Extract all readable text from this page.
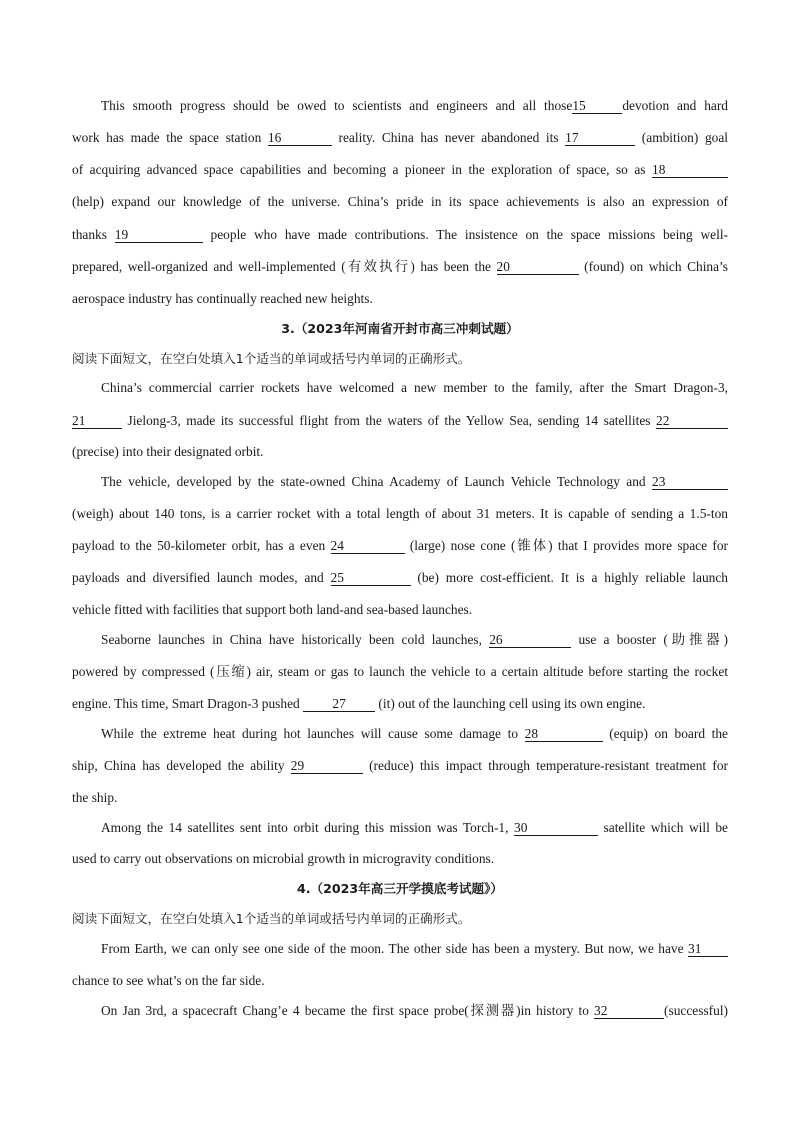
This smooth progress should be owed to scientists and engineers and all those15	devotion and hard
work has made the space station 16	reality. China has never abandoned its 17	(ambition) goal
of acquiring advanced space capabilities and becoming a pioneer in the exploration of space, so as 18
(help) expand our knowledge of the universe. China’s pride in its space achievements is also an expression of
thanks 19	people who have made contributions. The insistence on the space missions being well-
prepared, well-organized and well-implemented (有效执行) has been the 20	(found) on which China’s
aerospace industry has continually reached new heights.
3.（2023年河南省开封市高三冲刺试题）
阅读下面短文，在空白处填入1个适当的单词或括号内单词的正确形式。
China’s commercial carrier rockets have welcomed a new member to the family, after the Smart Dragon-3,
21	Jielong-3, made its successful flight from the waters of the Yellow Sea, sending 14 satellites 22
(precise) into their designated orbit.
The vehicle, developed by the state-owned China Academy of Launch Vehicle Technology and 23
(weigh) about 140 tons, is a carrier rocket with a total length of about 31 meters. It is capable of sending a 1.5-ton
payload to the 50-kilometer orbit, has a even 24	(large) nose cone (锥体) that I provides more space for
payloads and diversified launch modes, and 25	(be) more cost-efficient. It is a highly reliable launch
vehicle fitted with facilities that support both land-and sea-based launches.
Seaborne launches in China have historically been cold launches, 26	use a booster (助推器)
powered by compressed (压缩) air, steam or gas to launch the vehicle to a certain altitude before starting the rocket
engine. This time, Smart Dragon-3 pushed 27 (it) out of the launching cell using its own engine.
While the extreme heat during hot launches will cause some damage to 28	(equip) on board the
ship, China has developed the ability 29	(reduce) this impact through temperature-resistant treatment for
the ship.
Among the 14 satellites sent into orbit during this mission was Torch-1, 30	satellite which will be
used to carry out observations on microbial growth in microgravity conditions.
4.（2023年高三开学摸底考试题》）
阅读下面短文，在空白处填入1个适当的单词或括号内单词的正确形式。
From Earth, we can only see one side of the moon. The other side has been a mystery. But now, we have 31
chance to see what’s on the far side.
On Jan 3rd, a spacecraft Chang’e 4 became the first space probe(探测器)in history to 32	(successful)
